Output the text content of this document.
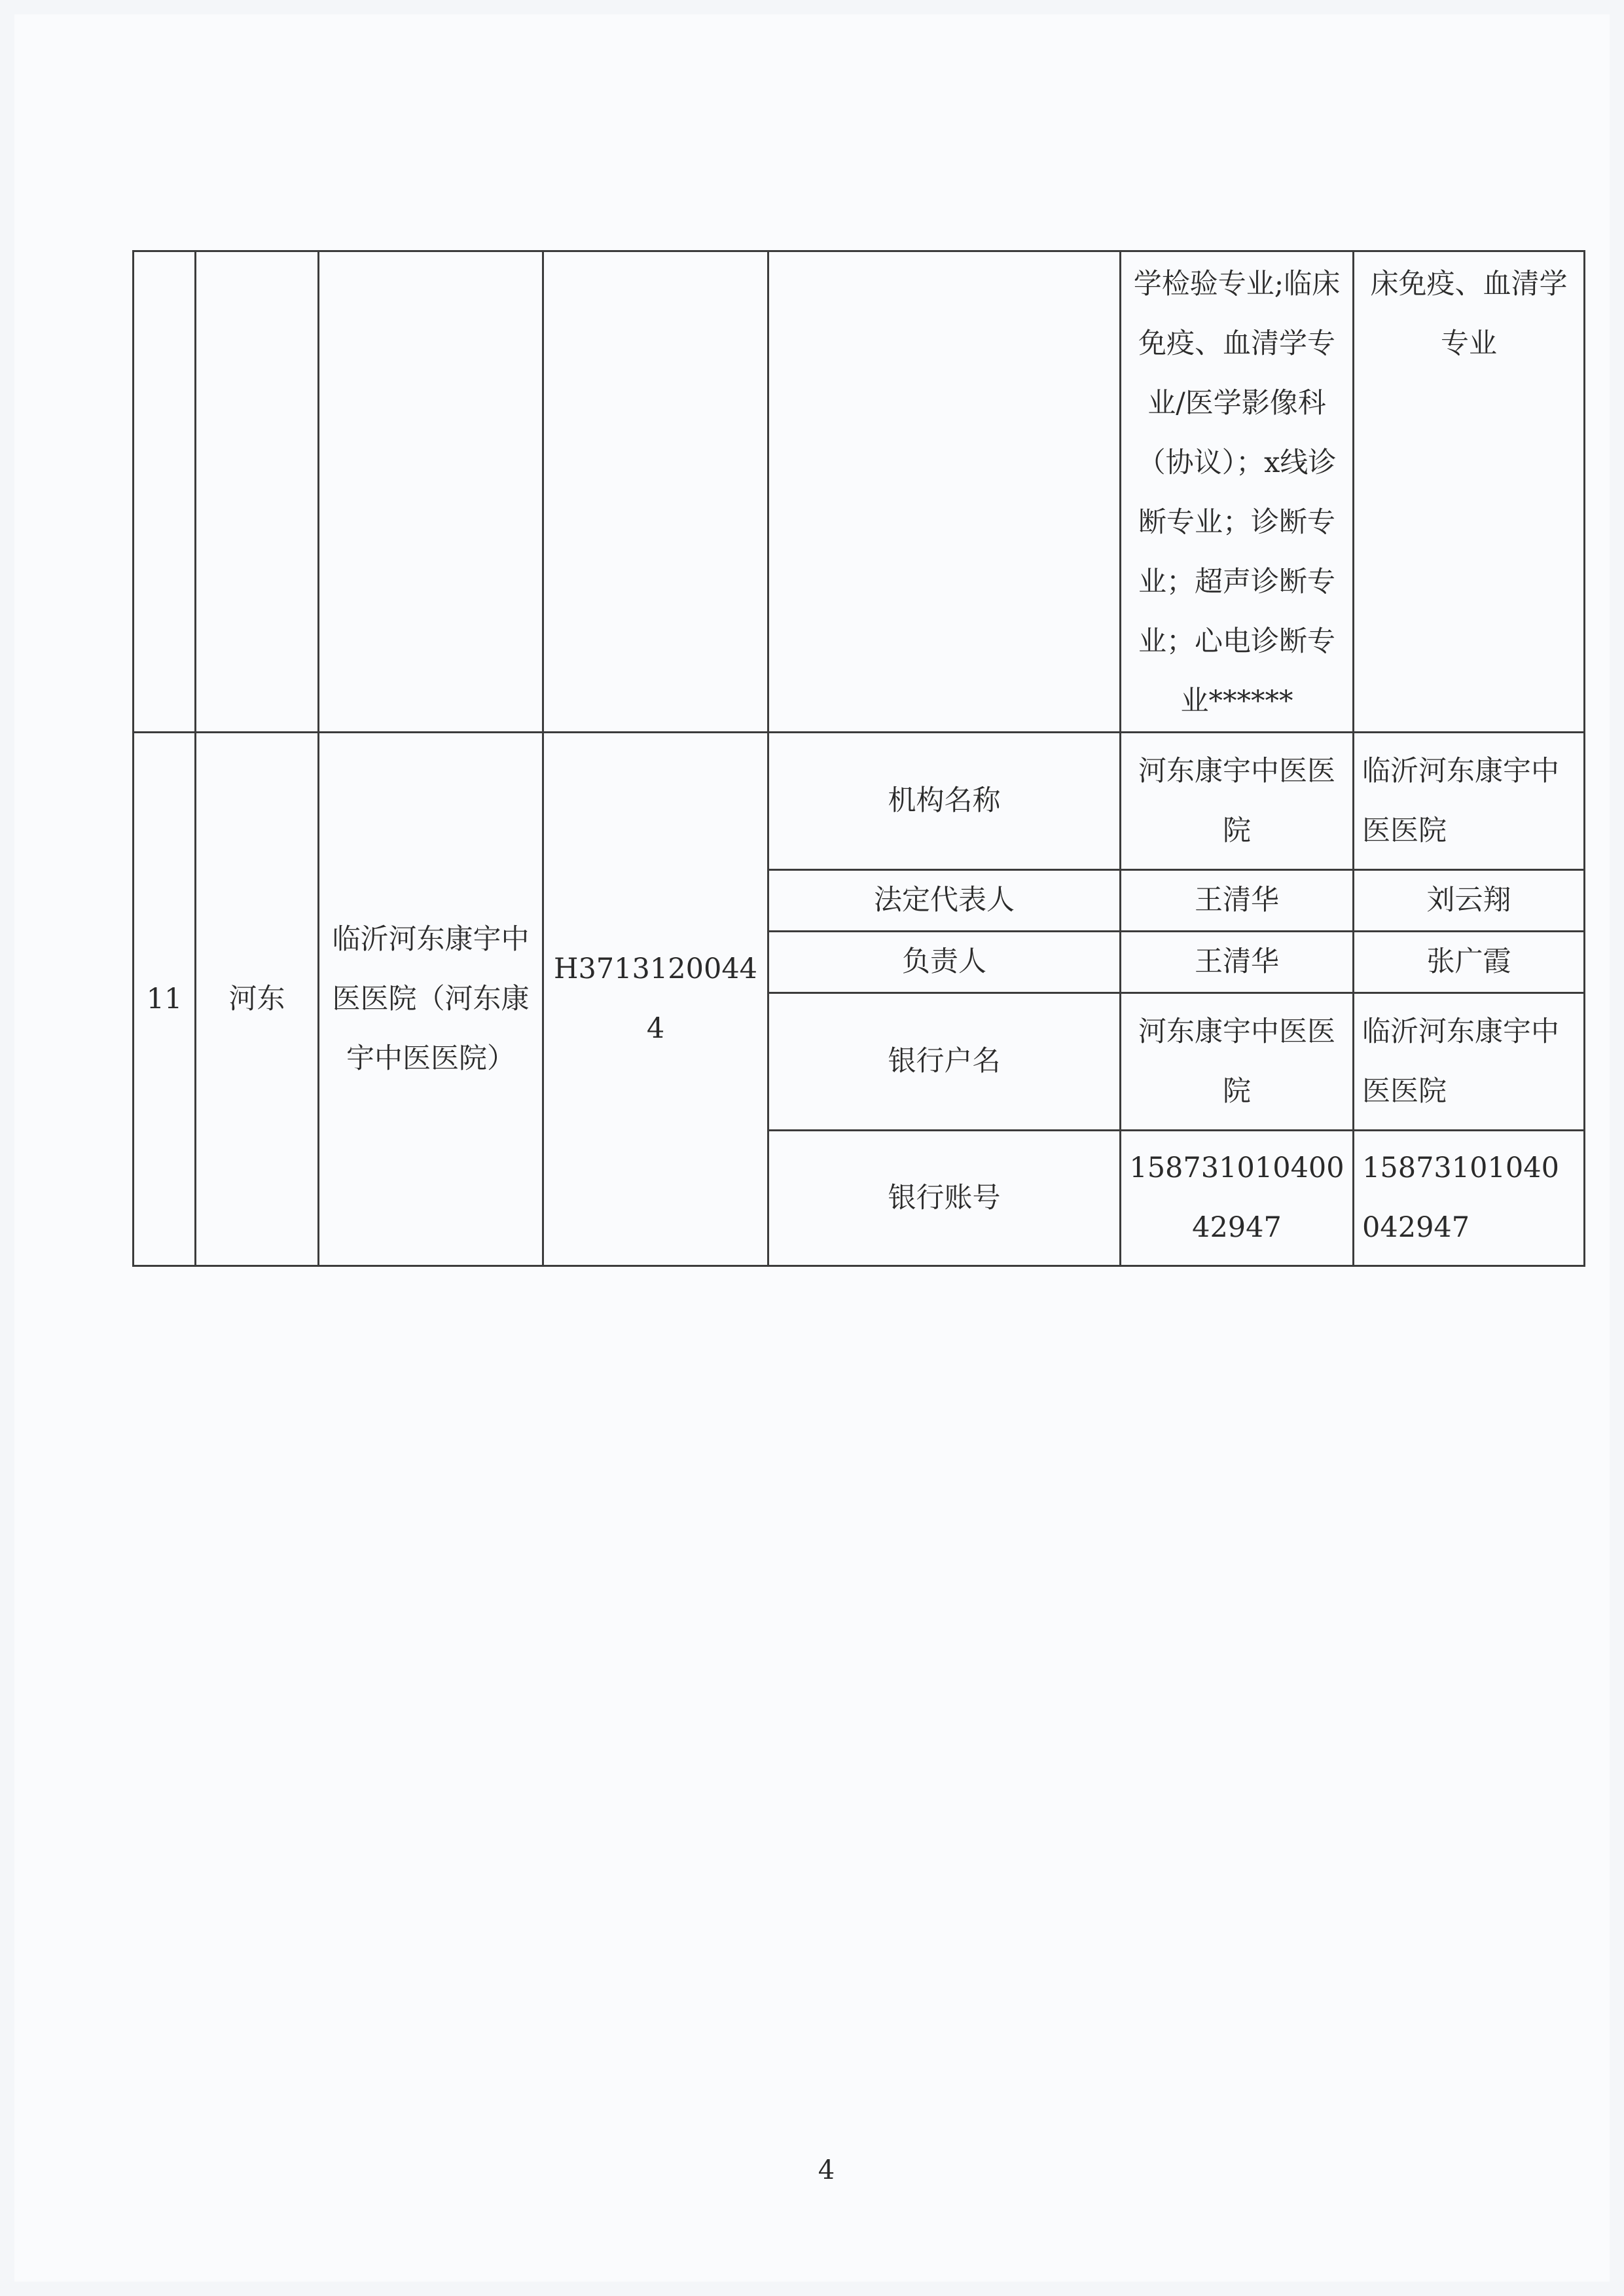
					学检验专业;临床免疫、血清学专业/医学影像科（协议）；x线诊断专业；诊断专业；超声诊断专业；心电诊断专业******	床免疫、血清学专业
11	河东	临沂河东康宇中医医院（河东康宇中医医院）	H37131200444	机构名称	河东康宇中医医院	临沂河东康宇中医医院
				法定代表人	王清华	刘云翔
				负责人	王清华	张广霞
				银行户名	河东康宇中医医院	临沂河东康宇中医医院
				银行账号	15873101040042947	15873101040042947
4
